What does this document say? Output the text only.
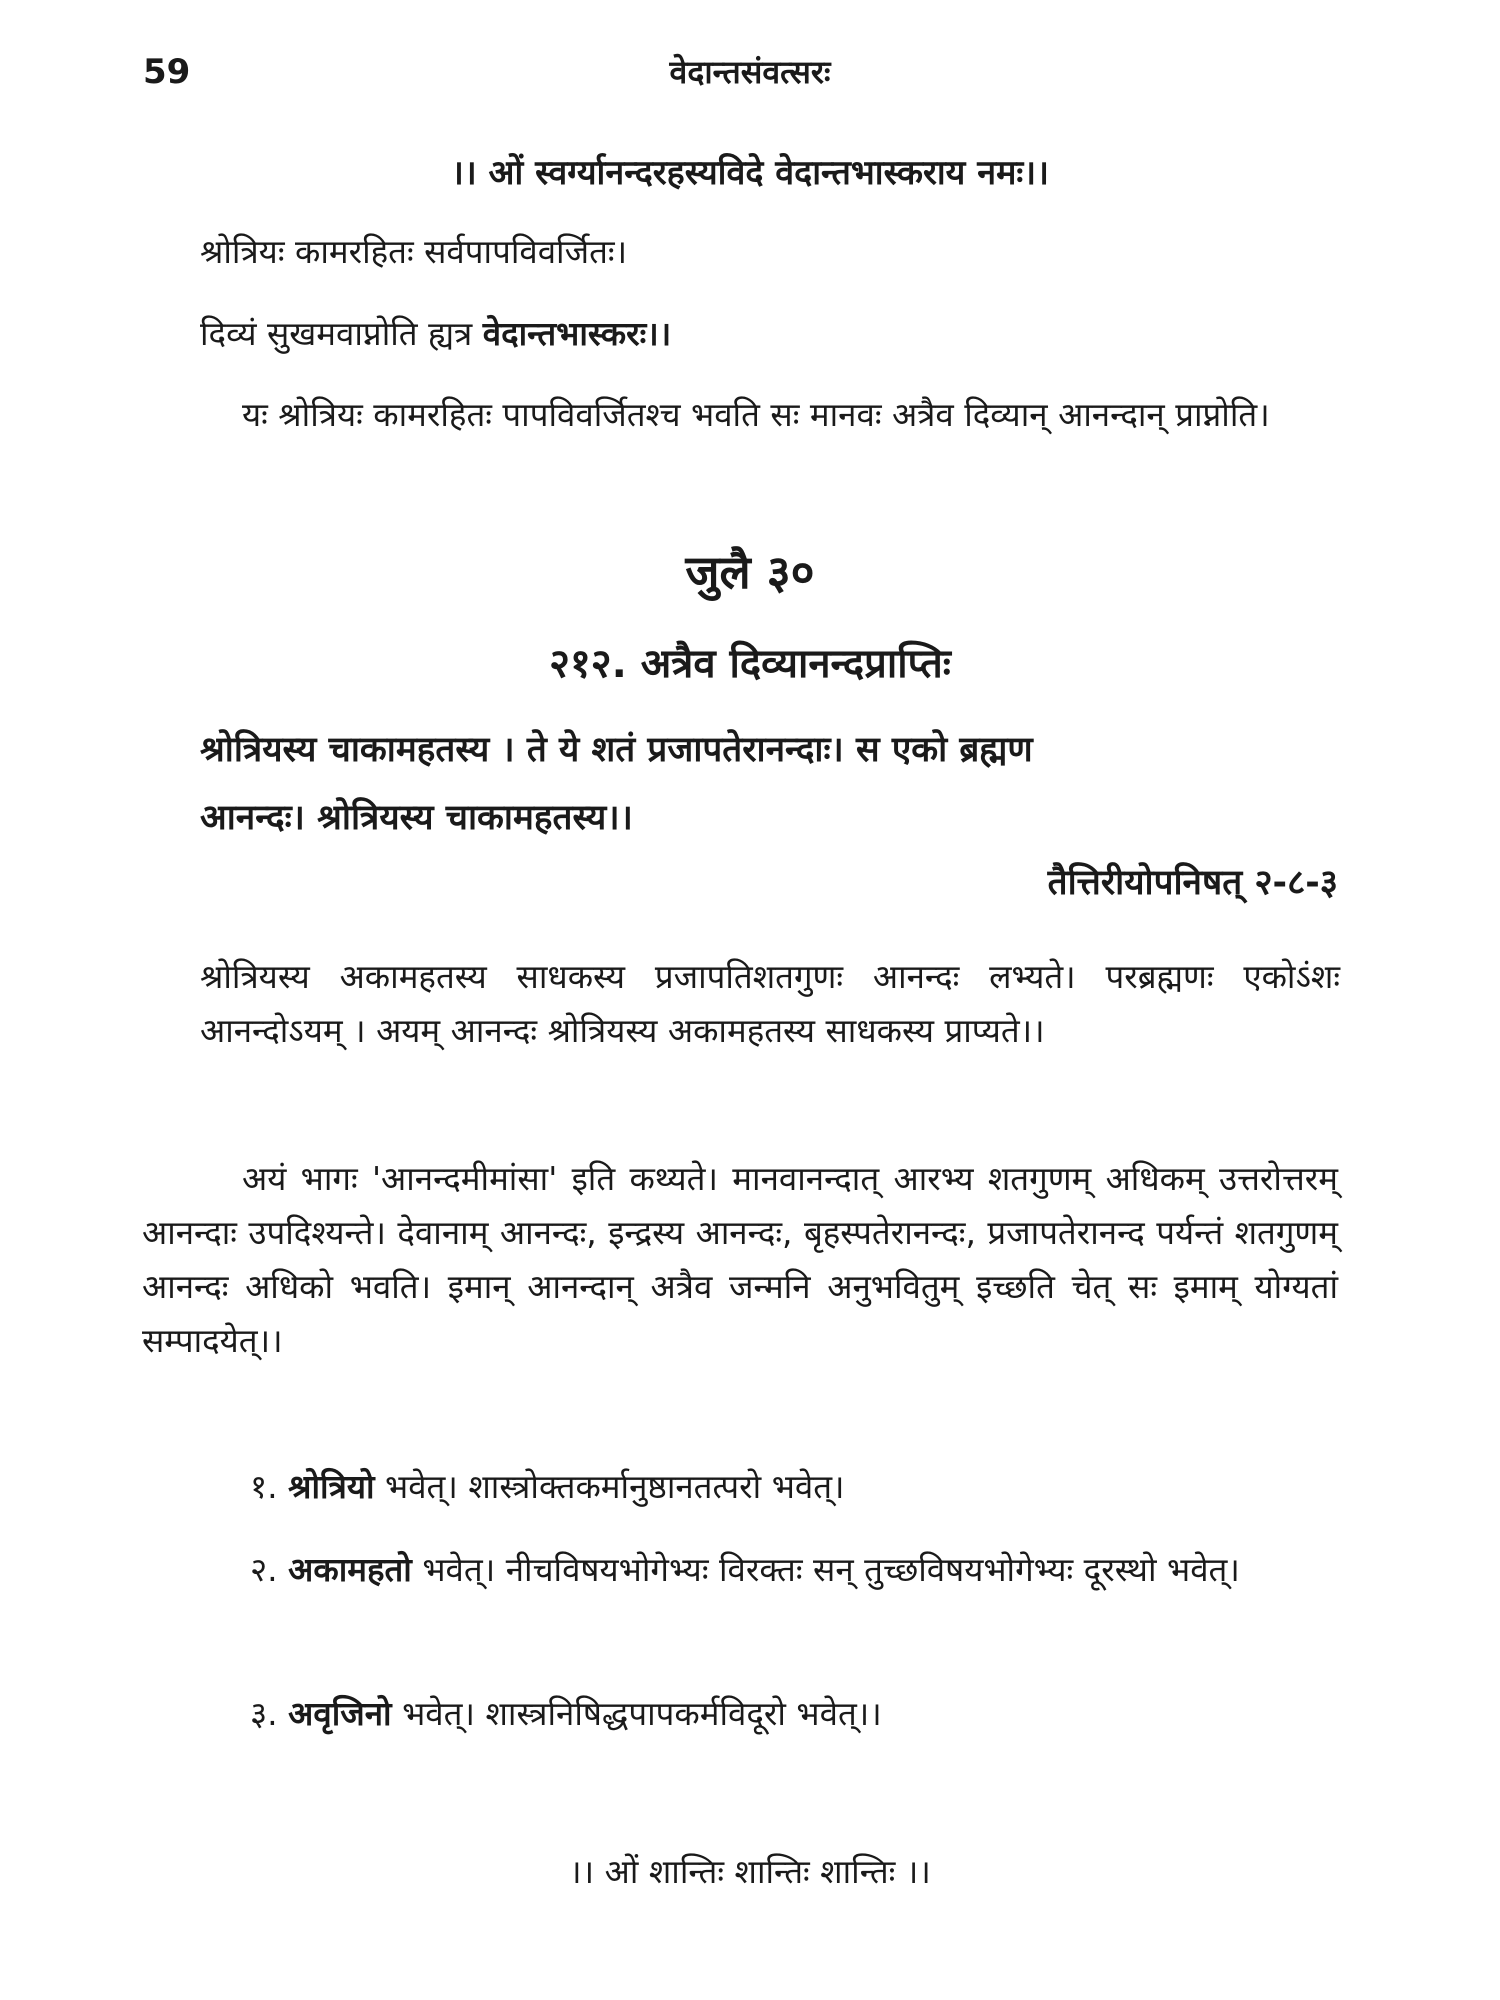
59	वेदान्तसंवत्सरः
।। ओं स्वर्ग्यानन्दरहस्यविदे वेदान्तभास्कराय नमः।।
श्रोत्रियः कामरहितः सर्वपापविवर्जितः।
दिव्यं सुखमवाप्नोति ह्यत्र वेदान्तभास्करः।।
यः श्रोत्रियः कामरहितः पापविवर्जितश्च भवति सः मानवः अत्रैव दिव्यान् आनन्दान् प्राप्नोति।
जुलै ३०
२१२. अत्रैव दिव्यानन्दप्राप्तिः
श्रोत्रियस्य चाकामहतस्य । ते ये शतं प्रजापतेरानन्दाः। स एको ब्रह्मण
आनन्दः। श्रोत्रियस्य चाकामहतस्य।।
तैत्तिरीयोपनिषत् २-८-३
श्रोत्रियस्य अकामहतस्य साधकस्य प्रजापतिशतगुणः आनन्दः लभ्यते। परब्रह्मणः एकोऽंशः आनन्दोऽयम् । अयम् आनन्दः श्रोत्रियस्य अकामहतस्य साधकस्य प्राप्यते।।
अयं भागः 'आनन्दमीमांसा' इति कथ्यते। मानवानन्दात् आरभ्य शतगुणम् अधिकम् उत्तरोत्तरम् आनन्दाः उपदिश्यन्ते। देवानाम् आनन्दः, इन्द्रस्य आनन्दः, बृहस्पतेरानन्दः, प्रजापतेरानन्द पर्यन्तं शतगुणम् आनन्दः अधिको भवति। इमान् आनन्दान् अत्रैव जन्मनि अनुभवितुम् इच्छति चेत् सः इमाम् योग्यतां सम्पादयेत्।।
१. श्रोत्रियो भवेत्। शास्त्रोक्तकर्मानुष्ठानतत्परो भवेत्।
२. अकामहतो भवेत्। नीचविषयभोगेभ्यः विरक्तः सन् तुच्छविषयभोगेभ्यः दूरस्थो भवेत्।
३. अवृजिनो भवेत्। शास्त्रनिषिद्धपापकर्मविदूरो भवेत्।।
।। ओं शान्तिः शान्तिः शान्तिः ।।
